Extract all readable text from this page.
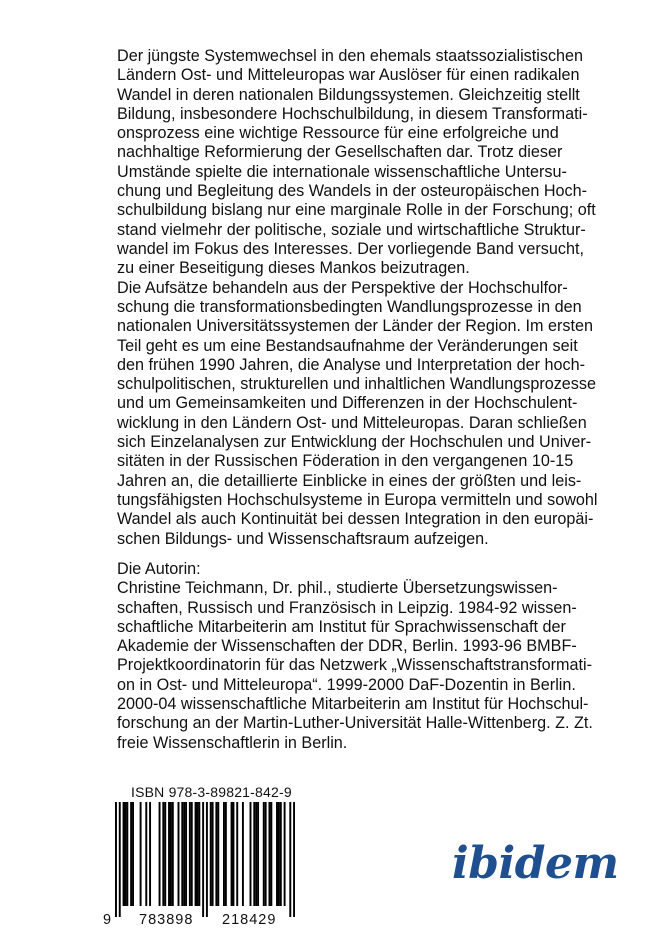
Der jüngste Systemwechsel in den ehemals staatssozialistischen
Ländern Ost- und Mitteleuropas war Auslöser für einen radikalen
Wandel in deren nationalen Bildungssystemen. Gleichzeitig stellt
Bildung, insbesondere Hochschulbildung, in diesem Transformati-
onsprozess eine wichtige Ressource für eine erfolgreiche und
nachhaltige Reformierung der Gesellschaften dar. Trotz dieser
Umstände spielte die internationale wissenschaftliche Untersu-
chung und Begleitung des Wandels in der osteuropäischen Hoch-
schulbildung bislang nur eine marginale Rolle in der Forschung; oft
stand vielmehr der politische, soziale und wirtschaftliche Struktur-
wandel im Fokus des Interesses. Der vorliegende Band versucht,
zu einer Beseitigung dieses Mankos beizutragen.
Die Aufsätze behandeln aus der Perspektive der Hochschulfor-
schung die transformationsbedingten Wandlungsprozesse in den
nationalen Universitätssystemen der Länder der Region. Im ersten
Teil geht es um eine Bestandsaufnahme der Veränderungen seit
den frühen 1990 Jahren, die Analyse und Interpretation der hoch-
schulpolitischen, strukturellen und inhaltlichen Wandlungsprozesse
und um Gemeinsamkeiten und Differenzen in der Hochschulent-
wicklung in den Ländern Ost- und Mitteleuropas. Daran schließen
sich Einzelanalysen zur Entwicklung der Hochschulen und Univer-
sitäten in der Russischen Föderation in den vergangenen 10-15
Jahren an, die detaillierte Einblicke in eines der größten und leis-
tungsfähigsten Hochschulsysteme in Europa vermitteln und sowohl
Wandel als auch Kontinuität bei dessen Integration in den europäi-
schen Bildungs- und Wissenschaftsraum aufzeigen.
Die Autorin:
Christine Teichmann, Dr. phil., studierte Übersetzungswissen-
schaften, Russisch und Französisch in Leipzig. 1984-92 wissen-
schaftliche Mitarbeiterin am Institut für Sprachwissenschaft der
Akademie der Wissenschaften der DDR, Berlin. 1993-96 BMBF-
Projektkoordinatorin für das Netzwerk „Wissenschaftstransformati-
on in Ost- und Mitteleuropa“. 1999-2000 DaF-Dozentin in Berlin.
2000-04 wissenschaftliche Mitarbeiterin am Institut für Hochschul-
forschung an der Martin-Luther-Universität Halle-Wittenberg. Z. Zt.
freie Wissenschaftlerin in Berlin.
ISBN 978-3-89821-842-9
9 783898 218429
ibidem
